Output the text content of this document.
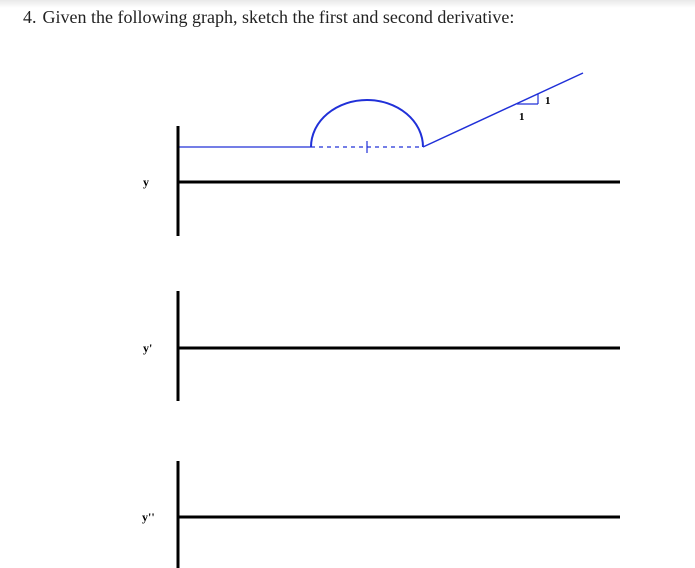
4. Given the following graph, sketch the first and second derivative:
1
1
y
y'
y''
